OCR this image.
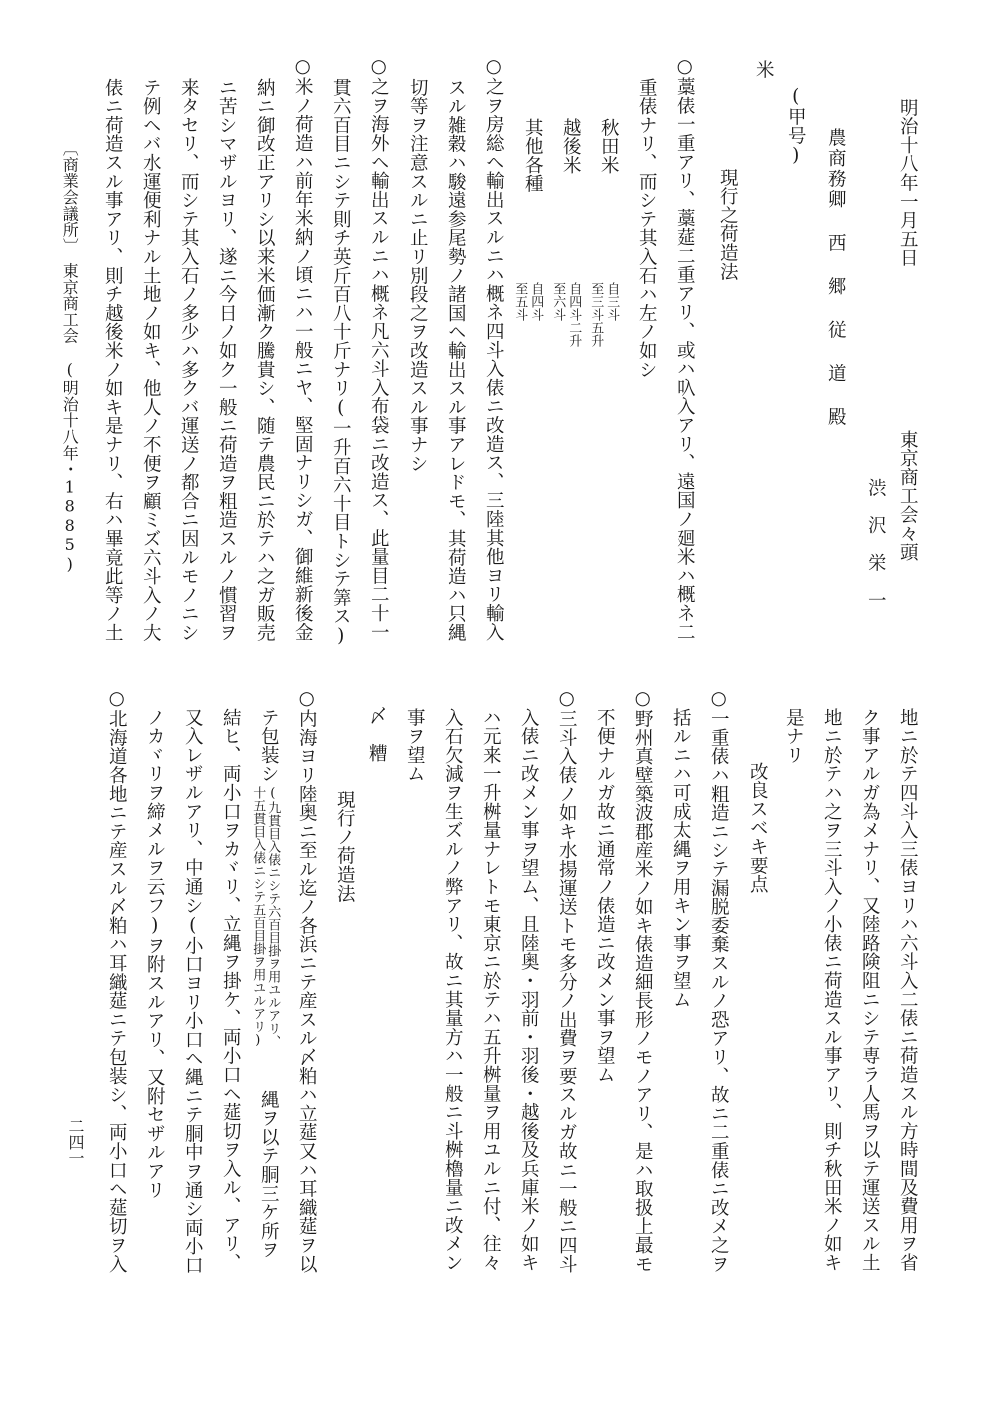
明治十八年一月五日
東京商工会々頭
渋　沢　栄　一
農商務卿 西 郷 従 道 殿
(甲号)
米
現行之荷造法
○藁俵一重アリ、藁莚二重アリ、或ハ叺入アリ、遠国ノ廻米ハ概ネ二
重俵ナリ、而シテ其入石ハ左ノ如シ
秋田米
自三斗
至三斗五升
越後米
自四斗二升
至六斗
其他各種
自四斗
至五斗
○之ヲ房総ヘ輸出スルニハ概ネ四斗入俵ニ改造ス、三陸其他ヨリ輸入
スル雑穀ハ駿遠参尾勢ノ諸国ヘ輸出スル事アレドモ、其荷造ハ只縄
切等ヲ注意スルニ止リ別段之ヲ改造スル事ナシ
○之ヲ海外ヘ輸出スルニハ概ネ凡六斗入布袋ニ改造ス、此量目二十一
貫六百目ニシテ則チ英斤百八十斤ナリ(一升百六十目トシテ筭ス)
○米ノ荷造ハ前年米納ノ頃ニハ一般ニヤ、堅固ナリシガ、御維新後金
納ニ御改正アリシ以来米価漸ク騰貴シ、随テ農民ニ於テハ之ガ販売
ニ苦シマザルヨリ、遂ニ今日ノ如ク一般ニ荷造ヲ粗造スルノ慣習ヲ
来タセリ、而シテ其入石ノ多少ハ多クバ運送ノ都合ニ因ルモノニシ
テ例ヘバ水運便利ナル土地ノ如キ、他人ノ不便ヲ顧ミズ六斗入ノ大
俵ニ荷造スル事アリ、則チ越後米ノ如キ是ナリ、右ハ畢竟此等ノ土
〔商業会議所〕　東京商工会　(明治十八年・1885)
地ニ於テ四斗入三俵ヨリハ六斗入二俵ニ荷造スル方時間及費用ヲ省
ク事アルガ為メナリ、又陸路険阻ニシテ専ラ人馬ヲ以テ運送スル土
地ニ於テハ之ヲ三斗入ノ小俵ニ荷造スル事アリ、則チ秋田米ノ如キ
是ナリ
改良スベキ要点
○一重俵ハ粗造ニシテ漏脱委棄スルノ恐アリ、故ニ二重俵ニ改メ之ヲ
括ルニハ可成太縄ヲ用キン事ヲ望ム
○野州真壁築波郡産米ノ如キ俵造細長形ノモノアリ、是ハ取扱上最モ
不便ナルガ故ニ通常ノ俵造ニ改メン事ヲ望ム
○三斗入俵ノ如キ水揚運送トモ多分ノ出費ヲ要スルガ故ニ一般ニ四斗
入俵ニ改メン事ヲ望ム、且陸奥・羽前・羽後・越後及兵庫米ノ如キ
ハ元来一升桝量ナレトモ東京ニ於テハ五升桝量ヲ用ユルニ付、往々
入石欠減ヲ生ズルノ弊アリ、故ニ其量方ハ一般ニ斗桝櫓量ニ改メン
事ヲ望ム
〆　糟
現行ノ荷造法
○内海ヨリ陸奥ニ至ル迄ノ各浜ニテ産スル〆粕ハ立莚又ハ耳織莚ヲ以
テ包装シ
(九貫目入俵ニシテ六百目掛ヲ用ユルアリ、
十五貫目入俵ニシテ五百目掛ヲ用ユルアリ)
縄ヲ以テ胴三ケ所ヲ
結ヒ、両小口ヲカヾリ、立縄ヲ掛ケ、両小口ヘ莚切ヲ入ル、アリ、
又入レザルアリ、中通シ(小口ヨリ小口ヘ縄ニテ胴中ヲ通シ両小口
ノカヾリヲ締メルヲ云フ)ヲ附スルアリ、又附セザルアリ
○北海道各地ニテ産スル〆粕ハ耳織莚ニテ包装シ、両小口ヘ莚切ヲ入
二四一
